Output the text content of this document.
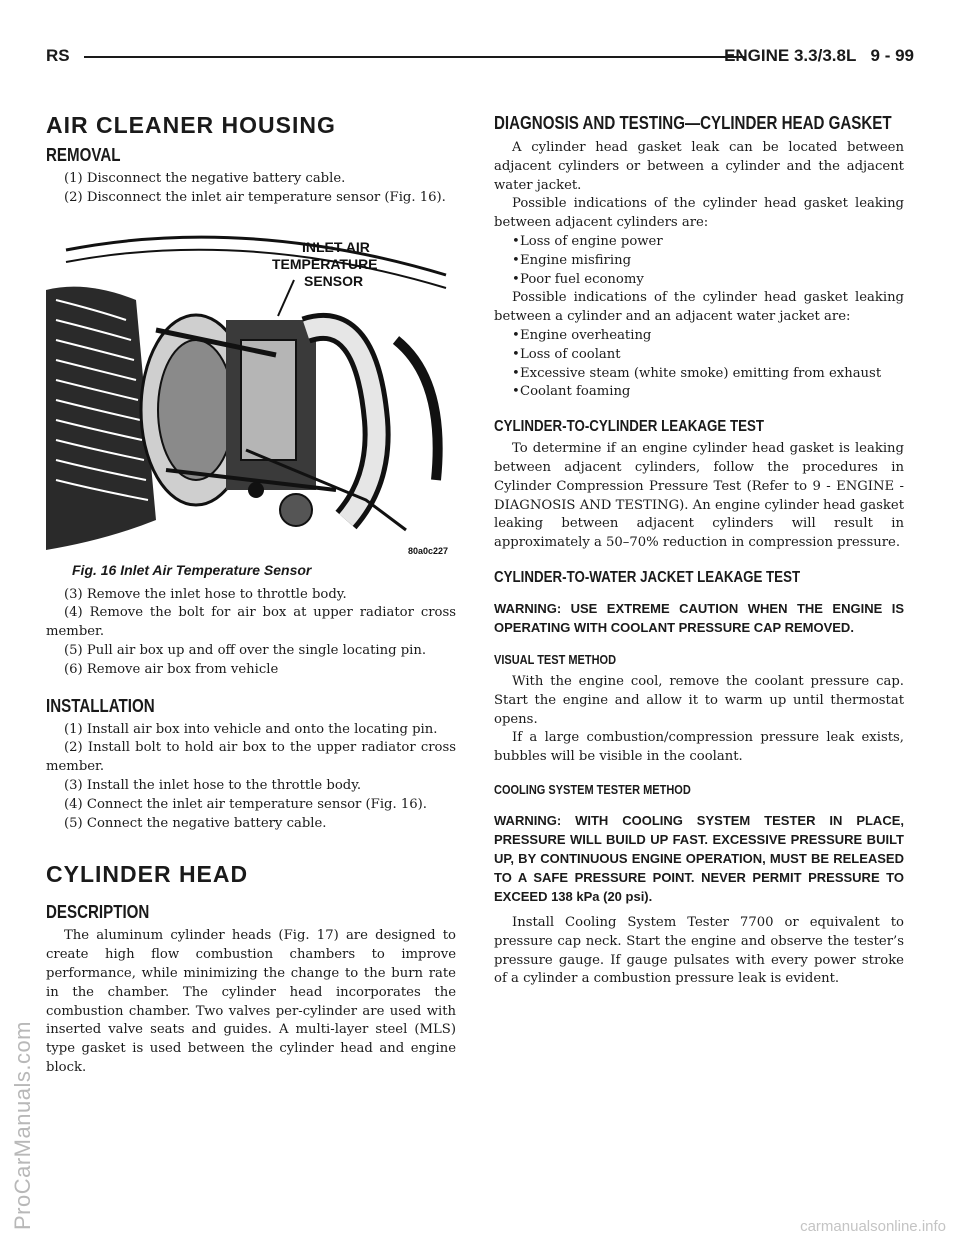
ProCarManuals.com	carmanualsonline.info
RS	ENGINE 3.3/3.8L 9 - 99
AIR CLEANER HOUSING
REMOVAL

(1) Disconnect the negative battery cable.

(2) Disconnect the inlet air temperature sensor (Fig. 16).

INLET AIR
TEMPERATURE
SENSOR
80a0c227
Fig. 16 Inlet Air Temperature Sensor

(3) Remove the inlet hose to throttle body.

(4) Remove the bolt for air box at upper radiator cross member.

(5) Pull air box up and off over the single locating pin.

(6) Remove air box from vehicle

INSTALLATION

(1) Install air box into vehicle and onto the locating pin.

(2) Install bolt to hold air box to the upper radiator cross member.

(3) Install the inlet hose to the throttle body.

(4) Connect the inlet air temperature sensor (Fig. 16).

(5) Connect the negative battery cable.

CYLINDER HEAD
DESCRIPTION

The aluminum cylinder heads (Fig. 17) are designed to create high flow combustion chambers to improve performance, while minimizing the change to the burn rate in the chamber. The cylinder head incorporates the combustion chamber. Two valves per-cylinder are used with inserted valve seats and guides. A multi-layer steel (MLS) type gasket is used between the cylinder head and engine block.

DIAGNOSIS AND TESTING—CYLINDER HEAD GASKET

A cylinder head gasket leak can be located between adjacent cylinders or between a cylinder and the adjacent water jacket.

Possible indications of the cylinder head gasket leaking between adjacent cylinders are:

•Loss of engine power
•Engine misfiring
•Poor fuel economy

Possible indications of the cylinder head gasket leaking between a cylinder and an adjacent water jacket are:

•Engine overheating
•Loss of coolant
•Excessive steam (white smoke) emitting from exhaust
•Coolant foaming
CYLINDER-TO-CYLINDER LEAKAGE TEST

To determine if an engine cylinder head gasket is leaking between adjacent cylinders, follow the procedures in Cylinder Compression Pressure Test (Refer to 9 - ENGINE - DIAGNOSIS AND TESTING). An engine cylinder head gasket leaking between adjacent cylinders will result in approximately a 50–70% reduction in compression pressure.

CYLINDER-TO-WATER JACKET LEAKAGE TEST

WARNING: USE EXTREME CAUTION WHEN THE ENGINE IS OPERATING WITH COOLANT PRESSURE CAP REMOVED.

VISUAL TEST METHOD

With the engine cool, remove the coolant pressure cap. Start the engine and allow it to warm up until thermostat opens.

If a large combustion/compression pressure leak exists, bubbles will be visible in the coolant.

COOLING SYSTEM TESTER METHOD

WARNING: WITH COOLING SYSTEM TESTER IN PLACE, PRESSURE WILL BUILD UP FAST. EXCESSIVE PRESSURE BUILT UP, BY CONTINUOUS ENGINE OPERATION, MUST BE RELEASED TO A SAFE PRESSURE POINT. NEVER PERMIT PRESSURE TO EXCEED 138 kPa (20 psi).

Install Cooling System Tester 7700 or equivalent to pressure cap neck. Start the engine and observe the tester’s pressure gauge. If gauge pulsates with every power stroke of a cylinder a combustion pressure leak is evident.
